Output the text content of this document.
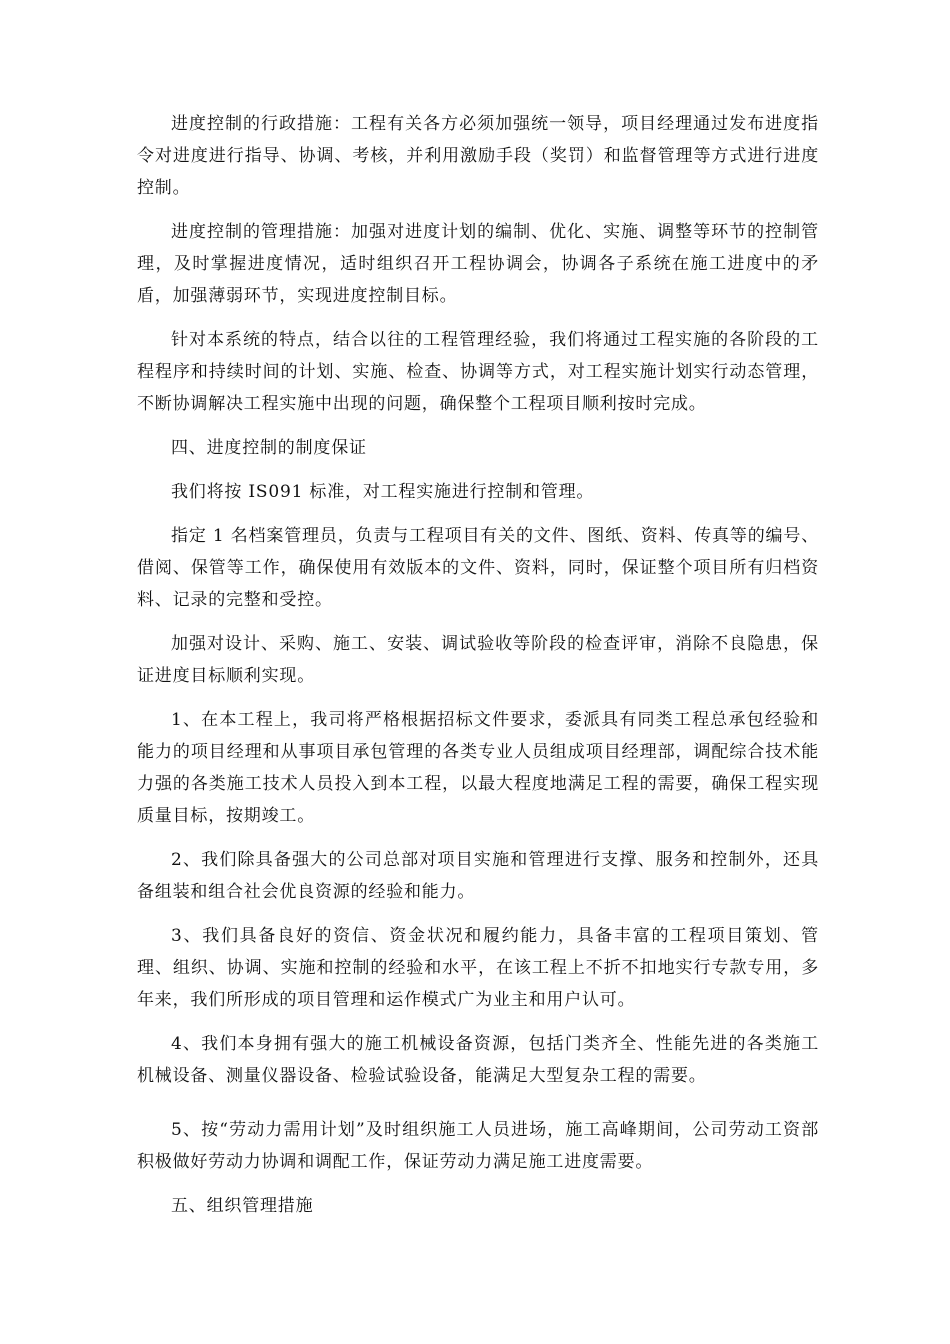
进度控制的行政措施：工程有关各方必须加强统一领导，项目经理通过发布进度指令对进度进行指导、协调、考核，并利用激励手段（奖罚）和监督管理等方式进行进度控制。

进度控制的管理措施：加强对进度计划的编制、优化、实施、调整等环节的控制管理，及时掌握进度情况，适时组织召开工程协调会，协调各子系统在施工进度中的矛盾，加强薄弱环节，实现进度控制目标。

针对本系统的特点，结合以往的工程管理经验，我们将通过工程实施的各阶段的工程程序和持续时间的计划、实施、检查、协调等方式，对工程实施计划实行动态管理，不断协调解决工程实施中出现的问题，确保整个工程项目顺利按时完成。

四、进度控制的制度保证

我们将按 IS091 标准，对工程实施进行控制和管理。

指定 1 名档案管理员，负责与工程项目有关的文件、图纸、资料、传真等的编号、借阅、保管等工作，确保使用有效版本的文件、资料，同时，保证整个项目所有归档资料、记录的完整和受控。

加强对设计、采购、施工、安装、调试验收等阶段的检查评审，消除不良隐患，保证进度目标顺利实现。

1、在本工程上，我司将严格根据招标文件要求，委派具有同类工程总承包经验和能力的项目经理和从事项目承包管理的各类专业人员组成项目经理部，调配综合技术能力强的各类施工技术人员投入到本工程，以最大程度地满足工程的需要，确保工程实现质量目标，按期竣工。

2、我们除具备强大的公司总部对项目实施和管理进行支撑、服务和控制外，还具备组装和组合社会优良资源的经验和能力。

3、我们具备良好的资信、资金状况和履约能力，具备丰富的工程项目策划、管理、组织、协调、实施和控制的经验和水平，在该工程上不折不扣地实行专款专用，多年来，我们所形成的项目管理和运作模式广为业主和用户认可。

4、我们本身拥有强大的施工机械设备资源，包括门类齐全、性能先进的各类施工机械设备、测量仪器设备、检验试验设备，能满足大型复杂工程的需要。

5、按“劳动力需用计划”及时组织施工人员进场，施工高峰期间，公司劳动工资部积极做好劳动力协调和调配工作，保证劳动力满足施工进度需要。

五、组织管理措施
